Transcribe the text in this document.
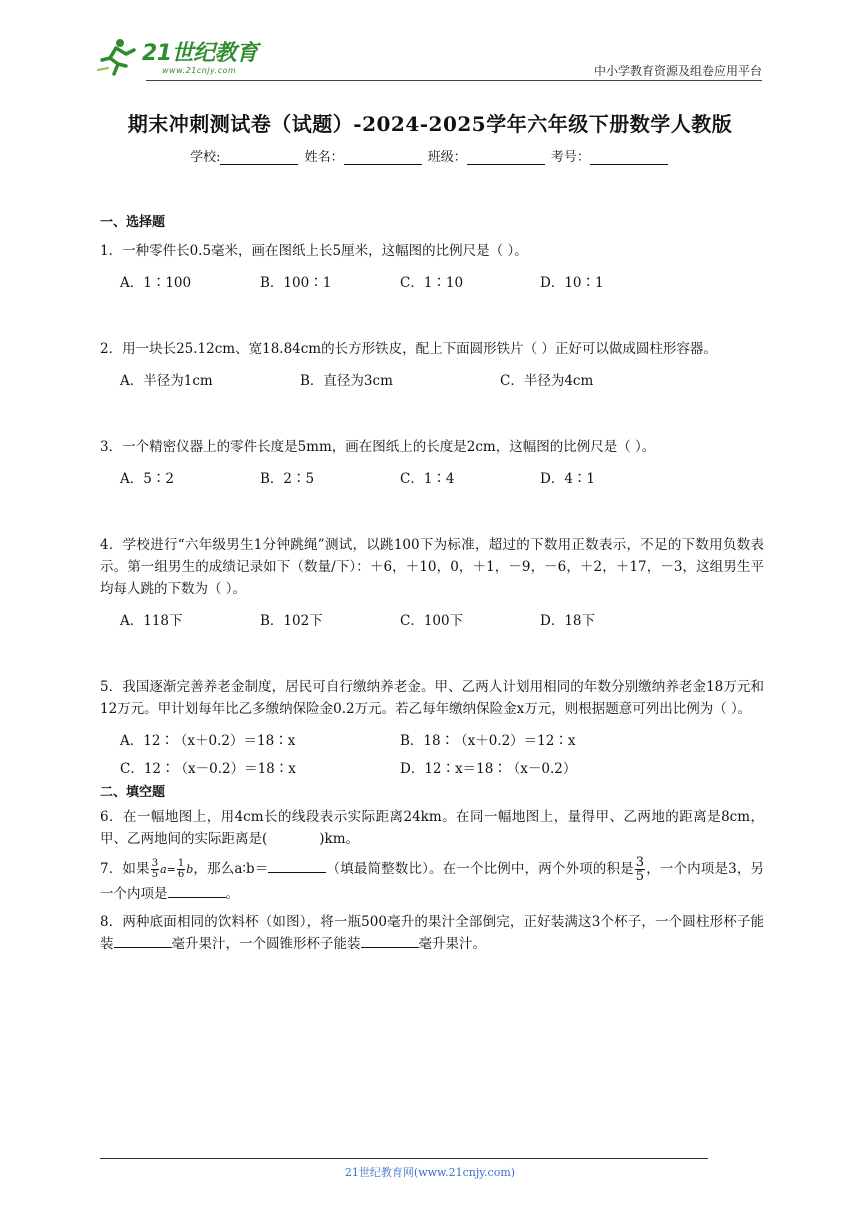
21世纪教育
www.21cnjy.com	中小学教育资源及组卷应用平台
期末冲刺测试卷（试题）-2024-2025学年六年级下册数学人教版
学校:	姓名：	班级：	考号：
一、选择题

1．一种零件长0.5毫米，画在图纸上长5厘米，这幅图的比例尺是（ ）。

A．1∶100	B．100∶1	C．1∶10	D．10∶1

2．用一块长25.12cm、宽18.84cm的长方形铁皮，配上下面圆形铁片（ ）正好可以做成圆柱形容器。

A．半径为1cm	B．直径为3cm	C．半径为4cm

3．一个精密仪器上的零件长度是5mm，画在图纸上的长度是2cm，这幅图的比例尺是（ ）。

A．5∶2	B．2∶5	C．1∶4	D．4∶1

4．学校进行“六年级男生1分钟跳绳”测试，以跳100下为标准，超过的下数用正数表示，不足的下数用负数表示。第一组男生的成绩记录如下（数量/下）：＋6，＋10，0，＋1，－9，－6，＋2，＋17，－3，这组男生平均每人跳的下数为（ ）。

A．118下	B．102下	C．100下	D．18下

5．我国逐渐完善养老金制度，居民可自行缴纳养老金。甲、乙两人计划用相同的年数分别缴纳养老金18万元和12万元。甲计划每年比乙多缴纳保险金0.2万元。若乙每年缴纳保险金x万元，则根据题意可列出比例为（ ）。

A．12∶（x＋0.2）＝18∶x	B．18∶（x＋0.2）＝12∶x
C．12∶（x－0.2）＝18∶x	D．12∶x＝18∶（x－0.2）
二、填空题

6．在一幅地图上，用4cm长的线段表示实际距离24km。在同一幅地图上，量得甲、乙两地的距离是8cm，甲、乙两地间的实际距离是(	)km。

7．如果 $\frac{3}{5} a= \frac{1}{6}$ b，那么a∶b＝	（填最简整数比）。在一个比例中，两个外项的积是 $\frac{3}{5}$ ，一个内项是3，另一个内项是	。

8．两种底面相同的饮料杯（如图），将一瓶500毫升的果汁全部倒完，正好装满这3个杯子，一个圆柱形杯子能装	毫升果汁，一个圆锥形杯子能装	毫升果汁。

21世纪教育网(www.21cnjy.com)
